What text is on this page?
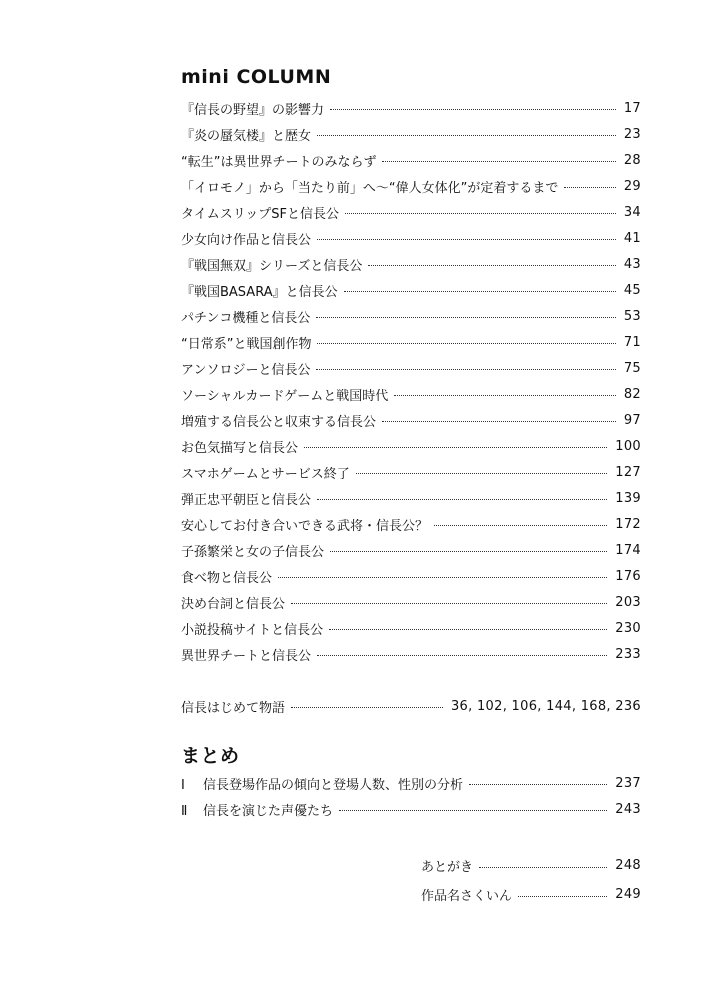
mini COLUMN
『信長の野望』の影響力	17
『炎の蜃気楼』と歴女	23
“転生”は異世界チートのみならず	28
「イロモノ」から「当たり前」へ～“偉人女体化”が定着するまで	29
タイムスリップSFと信長公	34
少女向け作品と信長公	41
『戦国無双』シリーズと信長公	43
『戦国BASARA』と信長公	45
パチンコ機種と信長公	53
“日常系”と戦国創作物	71
アンソロジーと信長公	75
ソーシャルカードゲームと戦国時代	82
増殖する信長公と収束する信長公	97
お色気描写と信長公	100
スマホゲームとサービス終了	127
弾正忠平朝臣と信長公	139
安心してお付き合いできる武将・信長公？	172
子孫繁栄と女の子信長公	174
食べ物と信長公	176
決め台詞と信長公	203
小説投稿サイトと信長公	230
異世界チートと信長公	233
信長はじめて物語	36, 102, 106, 144, 168, 236
まとめ
Ⅰ 信長登場作品の傾向と登場人数、性別の分析	237
Ⅱ 信長を演じた声優たち	243
あとがき	248
作品名さくいん	249
